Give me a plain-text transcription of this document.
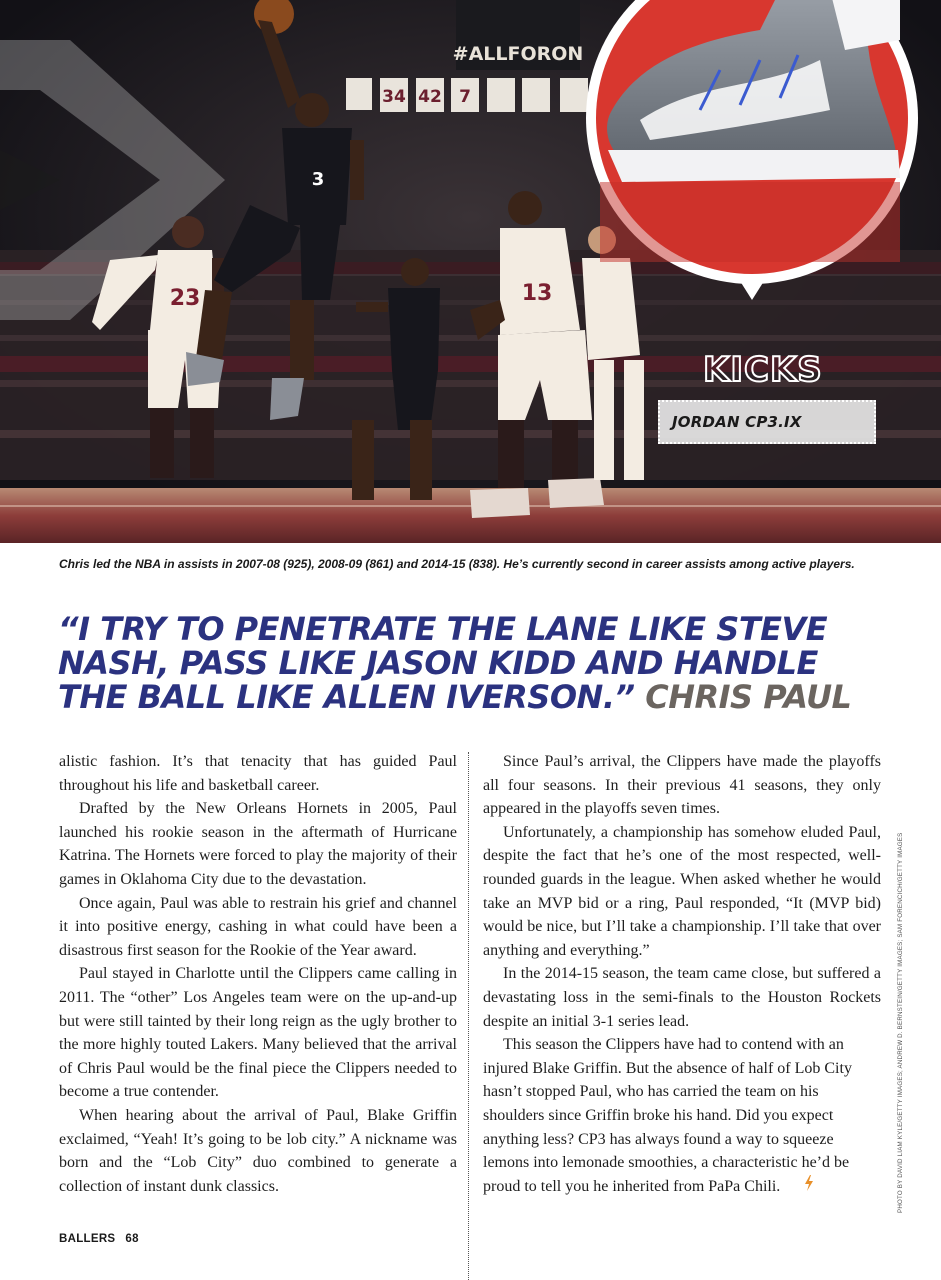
34 42 7
#ALLFORON
23
3
13
KICKS
JORDAN CP3.IX
Chris led the NBA in assists in 2007-08 (925), 2008-09 (861) and 2014-15 (838). He’s currently second in career assists among active players.
“I TRY TO PENETRATE THE LANE LIKE STEVE
NASH, PASS LIKE JASON KIDD AND HANDLE
THE BALL LIKE ALLEN IVERSON.” CHRIS PAUL

alistic fashion. It’s that tenacity that has guided Paul throughout his life and basketball career.

Drafted by the New Orleans Hornets in 2005, Paul launched his rookie season in the aftermath of Hurricane Katrina. The Hornets were forced to play the majority of their games in Oklahoma City due to the devastation.

Once again, Paul was able to restrain his grief and channel it into positive energy, cashing in what could have been a disastrous first season for the Rookie of the Year award.

Paul stayed in Charlotte until the Clippers came calling in 2011. The “other” Los Angeles team were on the up-and-up but were still tainted by their long reign as the ugly brother to the more highly touted Lakers. Many believed that the arrival of Chris Paul would be the final piece the Clippers needed to become a true contender.

When hearing about the arrival of Paul, Blake Griffin exclaimed, “Yeah! It’s going to be lob city.” A nickname was born and the “Lob City” duo combined to generate a collection of instant dunk classics.

Since Paul’s arrival, the Clippers have made the playoffs all four seasons. In their previous 41 seasons, they only appeared in the playoffs seven times.

Unfortunately, a championship has somehow eluded Paul, despite the fact that he’s one of the most respected, well-rounded guards in the league. When asked whether he would take an MVP bid or a ring, Paul responded, “It (MVP bid) would be nice, but I’ll take a championship. I’ll take that over anything and everything.”

In the 2014-15 season, the team came close, but suffered a devastating loss in the semi-finals to the Houston Rockets despite an initial 3-1 series lead.

This season the Clippers have had to contend with an injured Blake Griffin. But the absence of half of Lob City hasn’t stopped Paul, who has carried the team on his shoulders since Griffin broke his hand. Did you expect anything less? CP3 has always found a way to squeeze lemons into lemonade smoothies, a characteristic he’d be proud to tell you he inherited from PaPa Chili.	PHOTO BY DAVID LIAM KYLE/GETTY IMAGES; ANDREW D. BERNSTEIN/GETTY IMAGES; SAM FORENCICH/GETTY IMAGES
BALLERS 68
